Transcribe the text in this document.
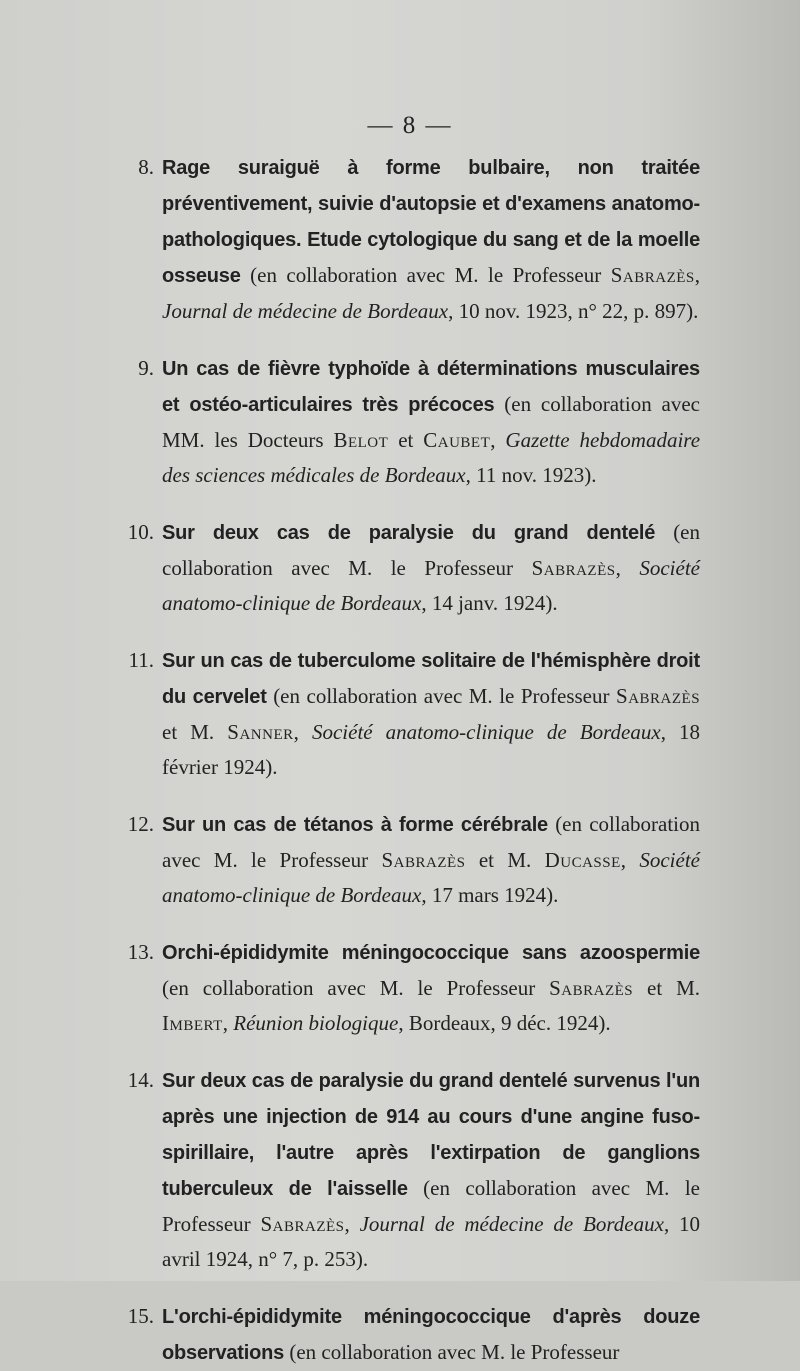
— 8 —
8. Rage suraiguë à forme bulbaire, non traitée préventivement, suivie d'autopsie et d'examens anatomo-pathologiques. Etude cytologique du sang et de la moelle osseuse (en collaboration avec M. le Professeur Sabrazès, Journal de médecine de Bordeaux, 10 nov. 1923, n° 22, p. 897).
9. Un cas de fièvre typhoïde à déterminations musculaires et ostéo-articulaires très précoces (en collaboration avec MM. les Docteurs Belot et Caubet, Gazette hebdomadaire des sciences médicales de Bordeaux, 11 nov. 1923).
10. Sur deux cas de paralysie du grand dentelé (en collaboration avec M. le Professeur Sabrazès, Société anatomo-clinique de Bordeaux, 14 janv. 1924).
11. Sur un cas de tuberculome solitaire de l'hémisphère droit du cervelet (en collaboration avec M. le Professeur Sabrazès et M. Sanner, Société anatomo-clinique de Bordeaux, 18 février 1924).
12. Sur un cas de tétanos à forme cérébrale (en collaboration avec M. le Professeur Sabrazès et M. Ducasse, Société anatomo-clinique de Bordeaux, 17 mars 1924).
13. Orchi-épididymite méningococcique sans azoospermie (en collaboration avec M. le Professeur Sabrazès et M. Imbert, Réunion biologique, Bordeaux, 9 déc. 1924).
14. Sur deux cas de paralysie du grand dentelé survenus l'un après une injection de 914 au cours d'une angine fuso-spirillaire, l'autre après l'extirpation de ganglions tuberculeux de l'aisselle (en collaboration avec M. le Professeur Sabrazès, Journal de médecine de Bordeaux, 10 avril 1924, n° 7, p. 253).
15. L'orchi-épididymite méningococcique d'après douze observations (en collaboration avec M. le Professeur
